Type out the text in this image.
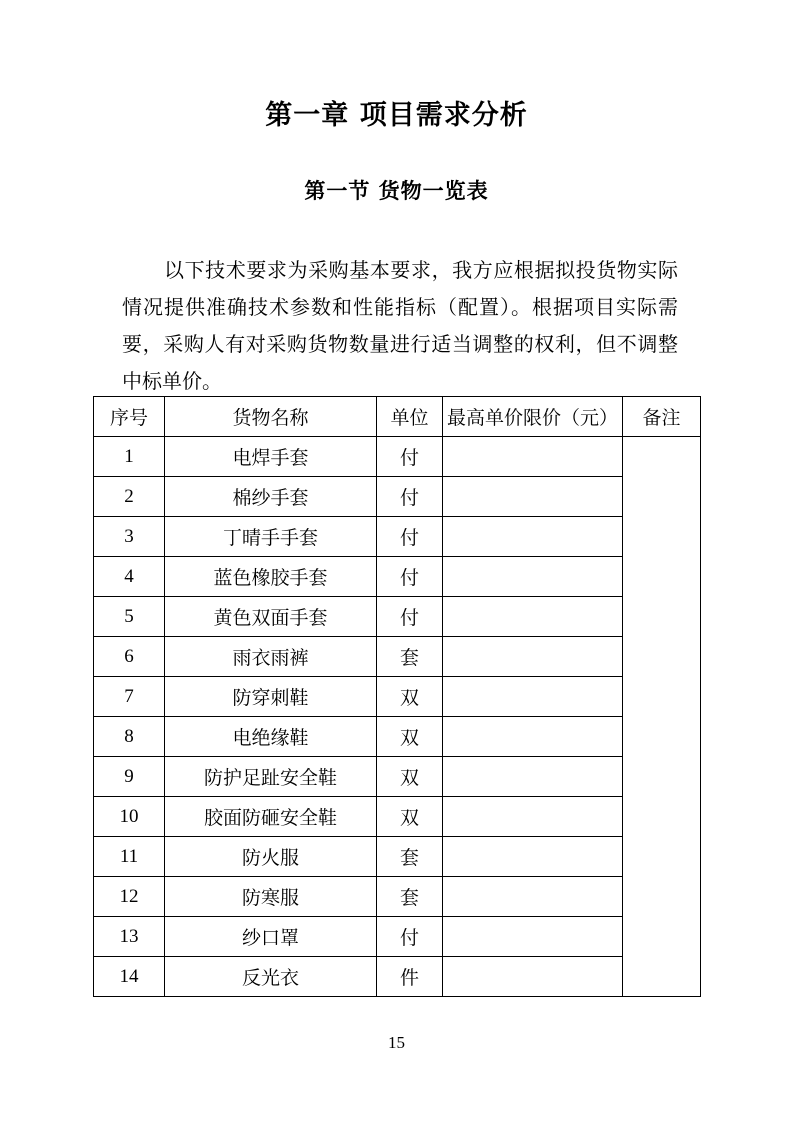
第一章 项目需求分析
第一节 货物一览表

以下技术要求为采购基本要求，我方应根据拟投货物实际情况提供准确技术参数和性能指标（配置）。根据项目实际需要，采购人有对采购货物数量进行适当调整的权利，但不调整中标单价。

序号	货物名称	单位	最高单价限价（元）	备注
1	电焊手套	付		
2	棉纱手套	付		
3	丁晴手手套	付		
4	蓝色橡胶手套	付		
5	黄色双面手套	付		
6	雨衣雨裤	套		
7	防穿刺鞋	双		
8	电绝缘鞋	双		
9	防护足趾安全鞋	双		
10	胶面防砸安全鞋	双		
11	防火服	套		
12	防寒服	套		
13	纱口罩	付		
14	反光衣	件		
15
